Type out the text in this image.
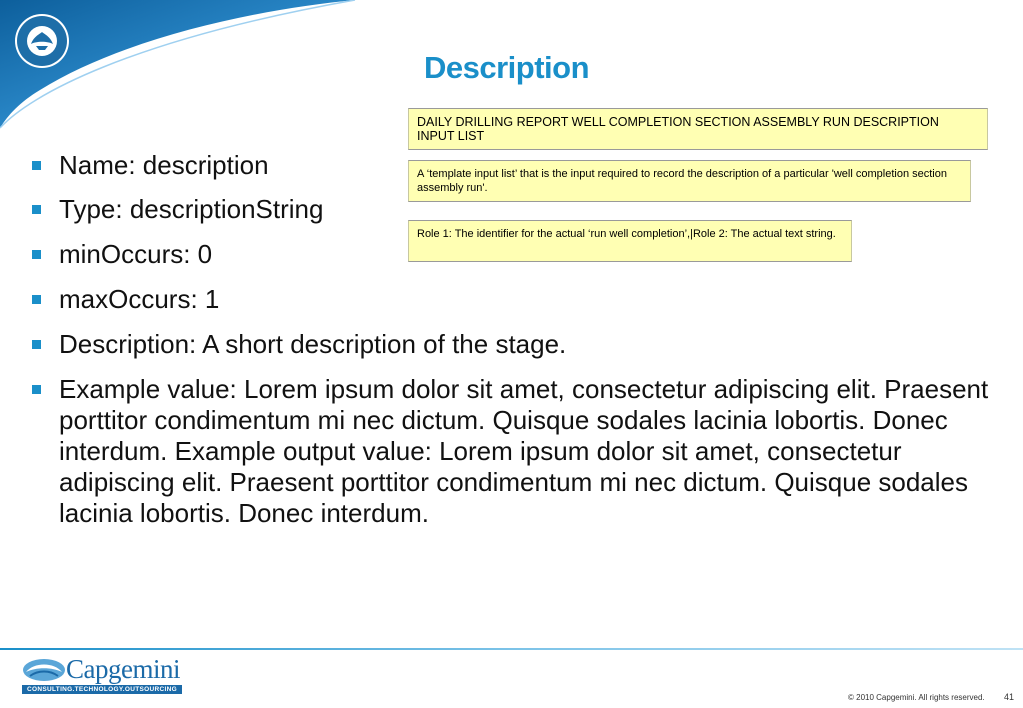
Description
DAILY DRILLING REPORT WELL COMPLETION SECTION ASSEMBLY RUN DESCRIPTION INPUT LIST
A ‘template input list’ that is the input required to record the description of a particular 'well completion section assembly run'.
Role 1: The identifier for the actual ‘run well completion’,|Role 2: The actual text string.
Name: description
Type: descriptionString
minOccurs: 0
maxOccurs: 1
Description: A short description of the stage.
Example value: Lorem ipsum dolor sit amet, consectetur adipiscing elit. Praesent porttitor condimentum mi nec dictum. Quisque sodales lacinia lobortis. Donec interdum. Example output value: Lorem ipsum dolor sit amet, consectetur adipiscing elit. Praesent porttitor condimentum mi nec dictum. Quisque sodales lacinia lobortis. Donec interdum.
Capgemini
CONSULTING.TECHNOLOGY.OUTSOURCING
© 2010 Capgemini. All rights reserved. 41
